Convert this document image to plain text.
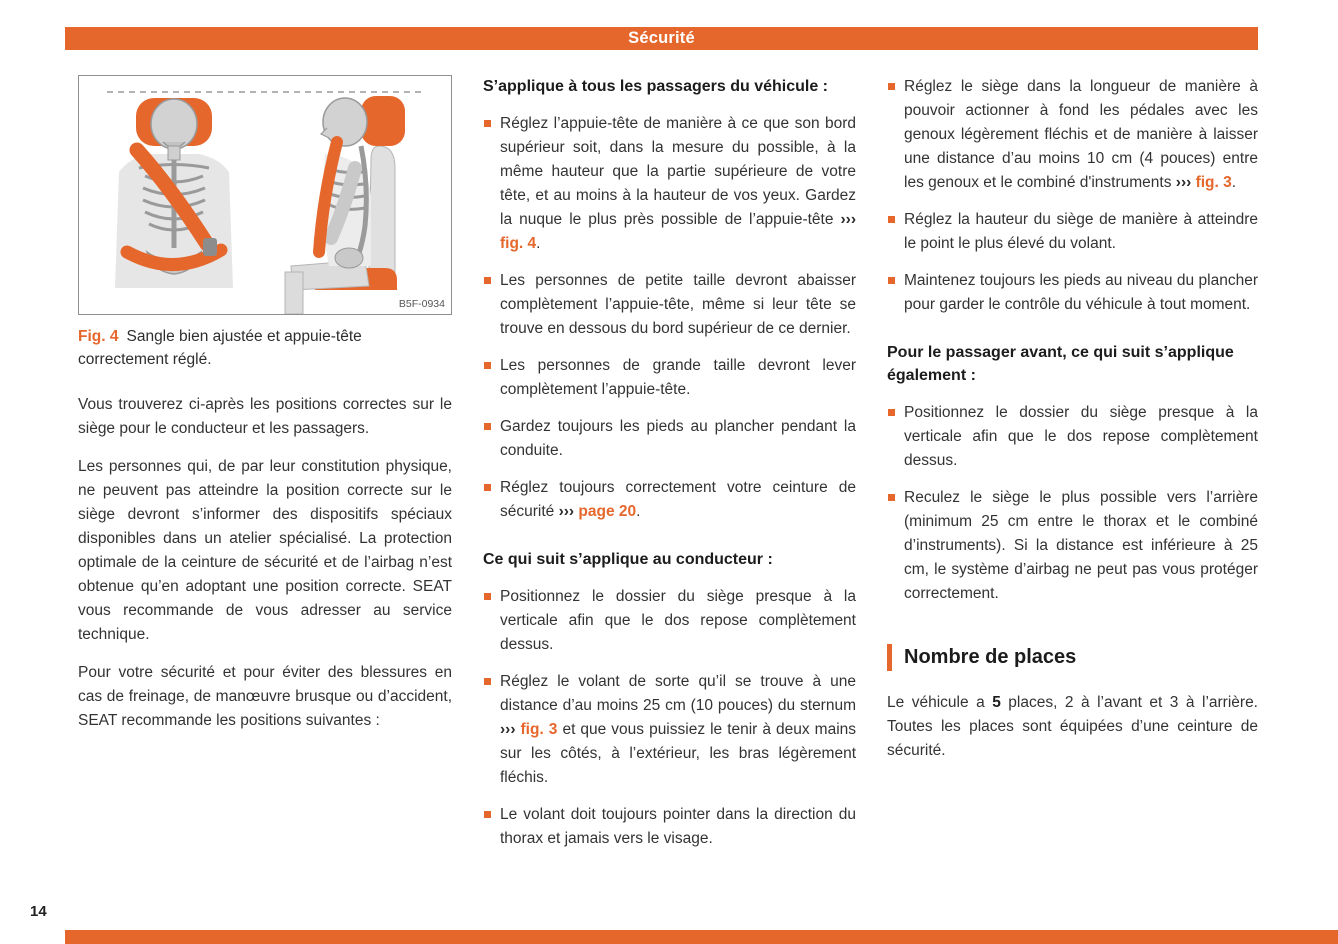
Sécurité
B5F-0934
Fig. 4 Sangle bien ajustée et appuie-tête correctement réglé.

Vous trouverez ci-après les positions correctes sur le siège pour le conducteur et les passagers.

Les personnes qui, de par leur constitution physique, ne peuvent pas atteindre la position correcte sur le siège devront s’informer des dispositifs spéciaux disponibles dans un atelier spécialisé. La protection optimale de la ceinture de sécurité et de l’airbag n’est obtenue qu’en adoptant une position correcte. SEAT vous recommande de vous adresser au service technique.

Pour votre sécurité et pour éviter des blessures en cas de freinage, de manœuvre brusque ou d’accident, SEAT recommande les positions suivantes :

S’applique à tous les passagers du véhicule :
Réglez l’appuie-tête de manière à ce que son bord supérieur soit, dans la mesure du possible, à la même hauteur que la partie supérieure de votre tête, et au moins à la hauteur de vos yeux. Gardez la nuque le plus près possible de l’appuie-tête ››› fig. 4.
Les personnes de petite taille devront abaisser complètement l’appuie-tête, même si leur tête se trouve en dessous du bord supérieur de ce dernier.
Les personnes de grande taille devront lever complètement l’appuie-tête.
Gardez toujours les pieds au plancher pendant la conduite.
Réglez toujours correctement votre ceinture de sécurité ››› page 20.
Ce qui suit s’applique au conducteur :
Positionnez le dossier du siège presque à la verticale afin que le dos repose complètement dessus.
Réglez le volant de sorte qu’il se trouve à une distance d’au moins 25 cm (10 pouces) du sternum ››› fig. 3 et que vous puissiez le tenir à deux mains sur les côtés, à l’extérieur, les bras légèrement fléchis.
Le volant doit toujours pointer dans la direction du thorax et jamais vers le visage.
Réglez le siège dans la longueur de manière à pouvoir actionner à fond les pédales avec les genoux légèrement fléchis et de manière à laisser une distance d’au moins 10 cm (4 pouces) entre les genoux et le combiné d'instruments ››› fig. 3.
Réglez la hauteur du siège de manière à atteindre le point le plus élevé du volant.
Maintenez toujours les pieds au niveau du plancher pour garder le contrôle du véhicule à tout moment.
Pour le passager avant, ce qui suit s’applique également :
Positionnez le dossier du siège presque à la verticale afin que le dos repose complètement dessus.
Reculez le siège le plus possible vers l’arrière (minimum 25 cm entre le thorax et le combiné d’instruments). Si la distance est inférieure à 25 cm, le système d’airbag ne peut pas vous protéger correctement.
Nombre de places

Le véhicule a 5 places, 2 à l’avant et 3 à l’arrière. Toutes les places sont équipées d’une ceinture de sécurité.

14
